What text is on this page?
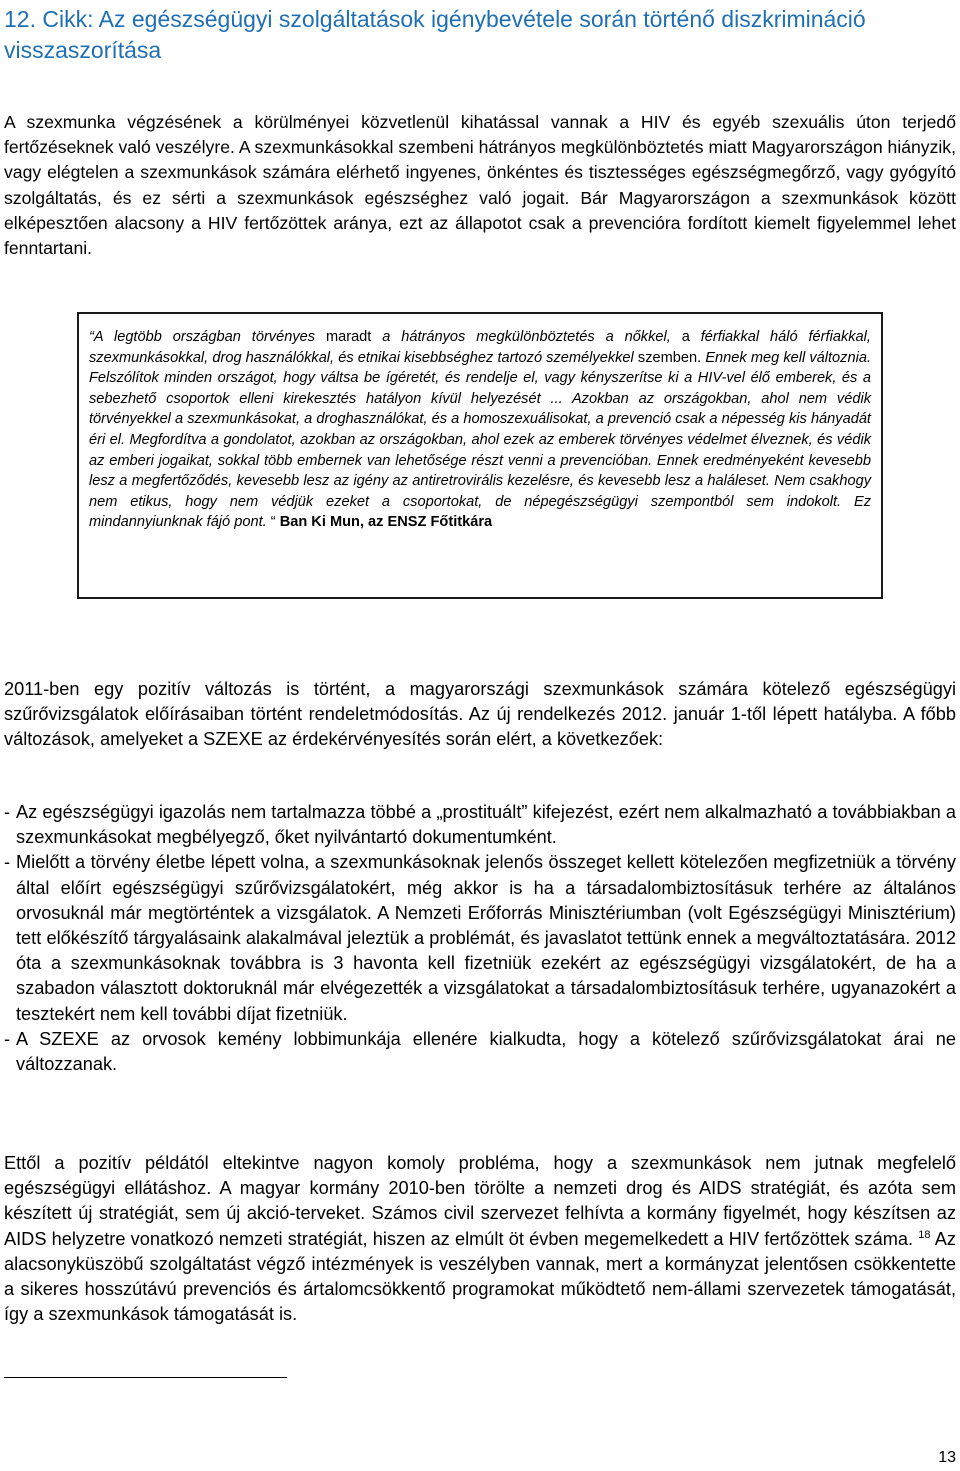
12. Cikk: Az egészségügyi szolgáltatások igénybevétele során történő diszkrimináció visszaszorítása

A szexmunka végzésének a körülményei közvetlenül kihatással vannak a HIV és egyéb szexuális úton terjedő fertőzéseknek való veszélyre. A szexmunkásokkal szembeni hátrányos megkülönböztetés miatt Magyarországon hiányzik, vagy elégtelen a szexmunkások számára elérhető ingyenes, önkéntes és tisztességes egészségmegőrző, vagy gyógyító szolgáltatás, és ez sérti a szexmunkások egészséghez való jogait. Bár Magyarországon a szexmunkások között elképesztően alacsony a HIV fertőzöttek aránya, ezt az állapotot csak a prevencióra fordított kiemelt figyelemmel lehet fenntartani.

“A legtöbb országban törvényes maradt a hátrányos megkülönböztetés a nőkkel, a férfiakkal háló férfiakkal, szexmunkásokkal, drog használókkal, és etnikai kisebbséghez tartozó személyekkel szemben. Ennek meg kell változnia. Felszólítok minden országot, hogy váltsa be ígéretét, és rendelje el, vagy kényszerítse ki a HIV-vel élő emberek, és a sebezhető csoportok elleni kirekesztés hatályon kívül helyezését ... Azokban az országokban, ahol nem védik törvényekkel a szexmunkásokat, a droghasználókat, és a homoszexuálisokat, a prevenció csak a népesség kis hányadát éri el. Megfordítva a gondolatot, azokban az országokban, ahol ezek az emberek törvényes védelmet élveznek, és védik az emberi jogaikat, sokkal több embernek van lehetősége részt venni a prevencióban. Ennek eredményeként kevesebb lesz a megfertőződés, kevesebb lesz az igény az antiretrovirális kezelésre, és kevesebb lesz a haláleset. Nem csakhogy nem etikus, hogy nem védjük ezeket a csoportokat, de népegészségügyi szempontból sem indokolt. Ez mindannyiunknak fájó pont. “ Ban Ki Mun, az ENSZ Főtitkára

2011-ben egy pozitív változás is történt, a magyarországi szexmunkások számára kötelező egészségügyi szűrővizsgálatok előírásaiban történt rendeletmódosítás. Az új rendelkezés 2012. január 1-től lépett hatályba. A főbb változások, amelyeket a SZEXE az érdekérvényesítés során elért, a következőek:

- Az egészségügyi igazolás nem tartalmazza többé a „prostituált” kifejezést, ezért nem alkalmazható a továbbiakban a szexmunkásokat megbélyegző, őket nyilvántartó dokumentumként.
- Mielőtt a törvény életbe lépett volna, a szexmunkásoknak jelenős összeget kellett kötelezően megfizetniük a törvény által előírt egészségügyi szűrővizsgálatokért, még akkor is ha a társadalombiztosításuk terhére az általános orvosuknál már megtörténtek a vizsgálatok. A Nemzeti Erőforrás Minisztériumban (volt Egészségügyi Minisztérium) tett előkészítő tárgyalásaink alakalmával jeleztük a problémát, és javaslatot tettünk ennek a megváltoztatására. 2012 óta a szexmunkásoknak továbbra is 3 havonta kell fizetniük ezekért az egészségügyi vizsgálatokért, de ha a szabadon választott doktoruknál már elvégezették a vizsgálatokat a társadalombiztosításuk terhére, ugyanazokért a tesztekért nem kell további díjat fizetniük.
- A SZEXE az orvosok kemény lobbimunkája ellenére kialkudta, hogy a kötelező szűrővizsgálatokat árai ne változzanak.

Ettől a pozitív példától eltekintve nagyon komoly probléma, hogy a szexmunkások nem jutnak megfelelő egészségügyi ellátáshoz. A magyar kormány 2010-ben törölte a nemzeti drog és AIDS stratégiát, és azóta sem készített új stratégiát, sem új akció-terveket. Számos civil szervezet felhívta a kormány figyelmét, hogy készítsen az AIDS helyzetre vonatkozó nemzeti stratégiát, hiszen az elmúlt öt évben megemelkedett a HIV fertőzöttek száma. $^{18}$ Az alacsonyküszöbű szolgáltatást végző intézmények is veszélyben vannak, mert a kormányzat jelentősen csökkentette a sikeres hosszútávú prevenciós és ártalomcsökkentő programokat működtető nem-állami szervezetek támogatását, így a szexmunkások támogatását is.

13
